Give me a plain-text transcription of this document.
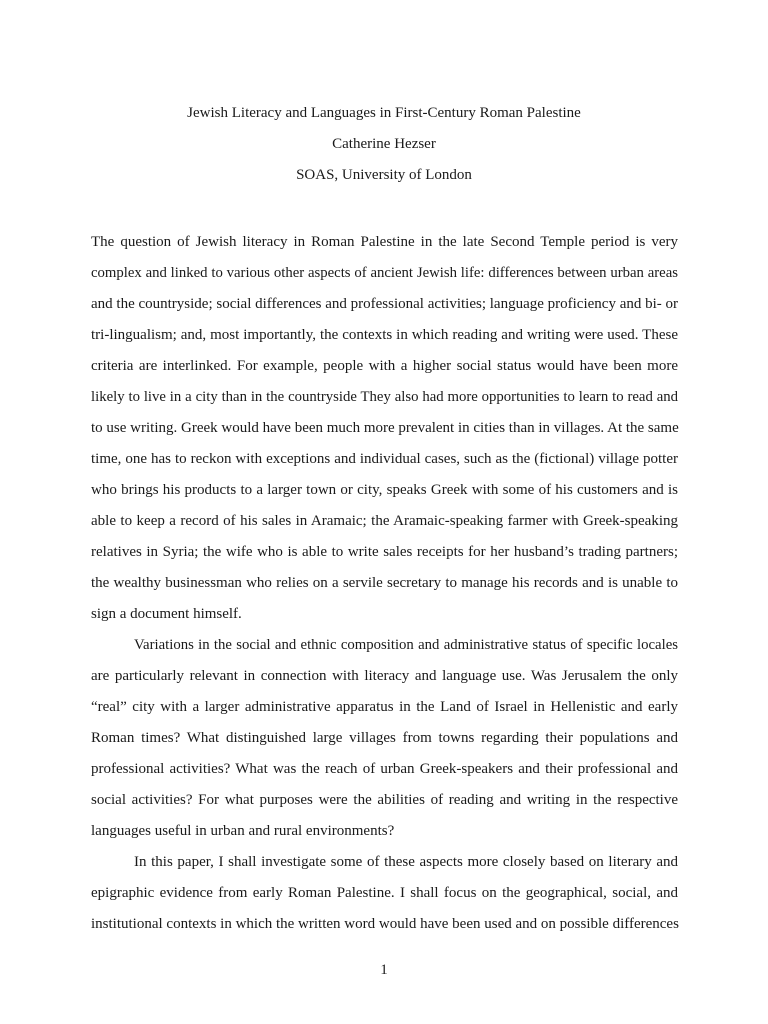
Jewish Literacy and Languages in First-Century Roman Palestine
Catherine Hezser
SOAS, University of London
The question of Jewish literacy in Roman Palestine in the late Second Temple period is very
complex and linked to various other aspects of ancient Jewish life: differences between urban areas
and the countryside; social differences and professional activities; language proficiency and bi- or
tri-lingualism; and, most importantly, the contexts in which reading and writing were used. These
criteria are interlinked. For example, people with a higher social status would have been more
likely to live in a city than in the countryside They also had more opportunities to learn to read and
to use writing. Greek would have been much more prevalent in cities than in villages. At the same
time, one has to reckon with exceptions and individual cases, such as the (fictional) village potter
who brings his products to a larger town or city, speaks Greek with some of his customers and is
able to keep a record of his sales in Aramaic; the Aramaic-speaking farmer with Greek-speaking
relatives in Syria; the wife who is able to write sales receipts for her husband’s trading partners;
the wealthy businessman who relies on a servile secretary to manage his records and is unable to
sign a document himself.
Variations in the social and ethnic composition and administrative status of specific locales
are particularly relevant in connection with literacy and language use. Was Jerusalem the only
“real” city with a larger administrative apparatus in the Land of Israel in Hellenistic and early
Roman times? What distinguished large villages from towns regarding their populations and
professional activities? What was the reach of urban Greek-speakers and their professional and
social activities? For what purposes were the abilities of reading and writing in the respective
languages useful in urban and rural environments?
In this paper, I shall investigate some of these aspects more closely based on literary and
epigraphic evidence from early Roman Palestine. I shall focus on the geographical, social, and
institutional contexts in which the written word would have been used and on possible differences
1
